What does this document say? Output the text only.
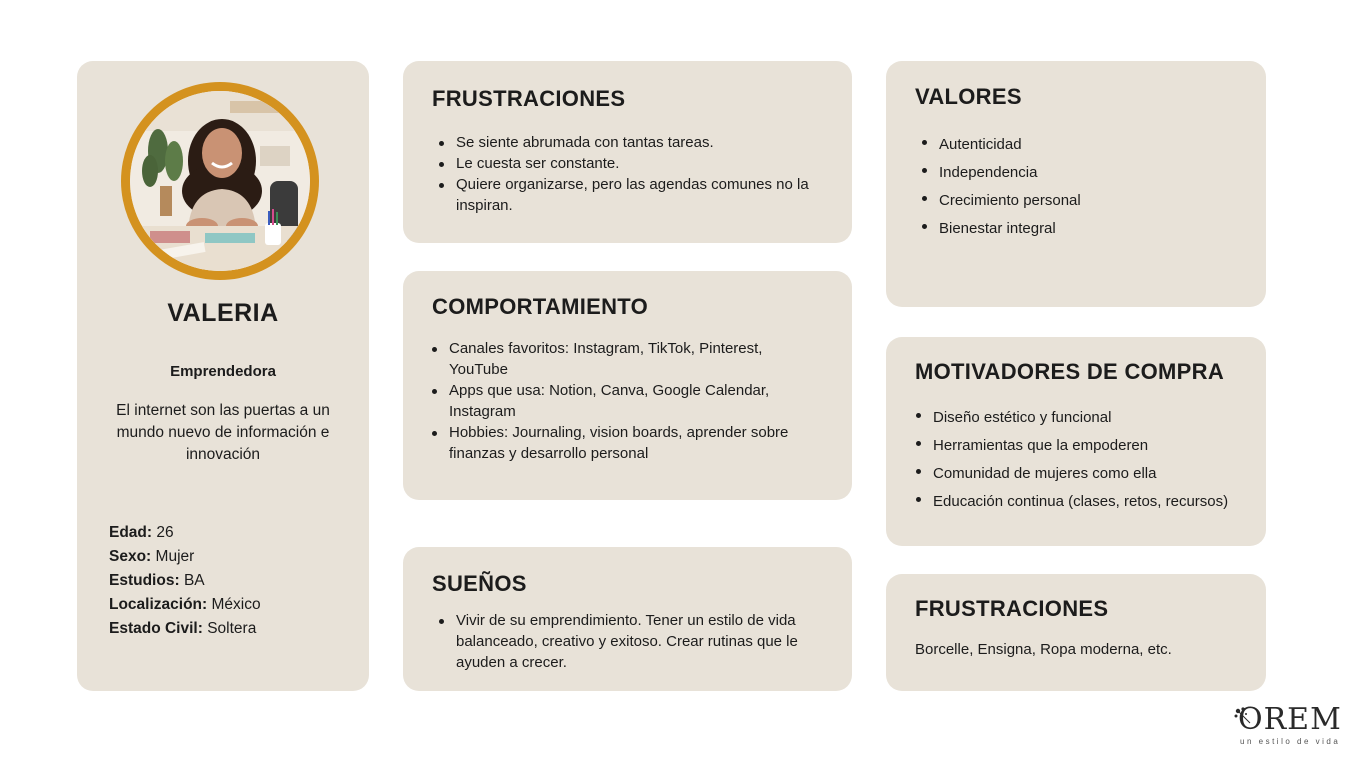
VALERIA
Emprendedora
El internet son las puertas a un mundo nuevo de información e innovación
Edad: 26
Sexo: Mujer
Estudios: BA
Localización: México
Estado Civil: Soltera
FRUSTRACIONES
Se siente abrumada con tantas tareas.
Le cuesta ser constante.
Quiere organizarse, pero las agendas comunes no la inspiran.
COMPORTAMIENTO
Canales favoritos: Instagram, TikTok, Pinterest, YouTube
Apps que usa: Notion, Canva, Google Calendar, Instagram
Hobbies: Journaling, vision boards, aprender sobre finanzas y desarrollo personal
SUEÑOS
Vivir de su emprendimiento. Tener un estilo de vida balanceado, creativo y exitoso. Crear rutinas que le ayuden a crecer.
VALORES
Autenticidad
Independencia
Crecimiento personal
Bienestar integral
MOTIVADORES DE COMPRA
Diseño estético y funcional
Herramientas que la empoderen
Comunidad de mujeres como ella
Educación continua (clases, retos, recursos)
FRUSTRACIONES
Borcelle, Ensigna, Ropa moderna, etc.
OREM
un estilo de vida
